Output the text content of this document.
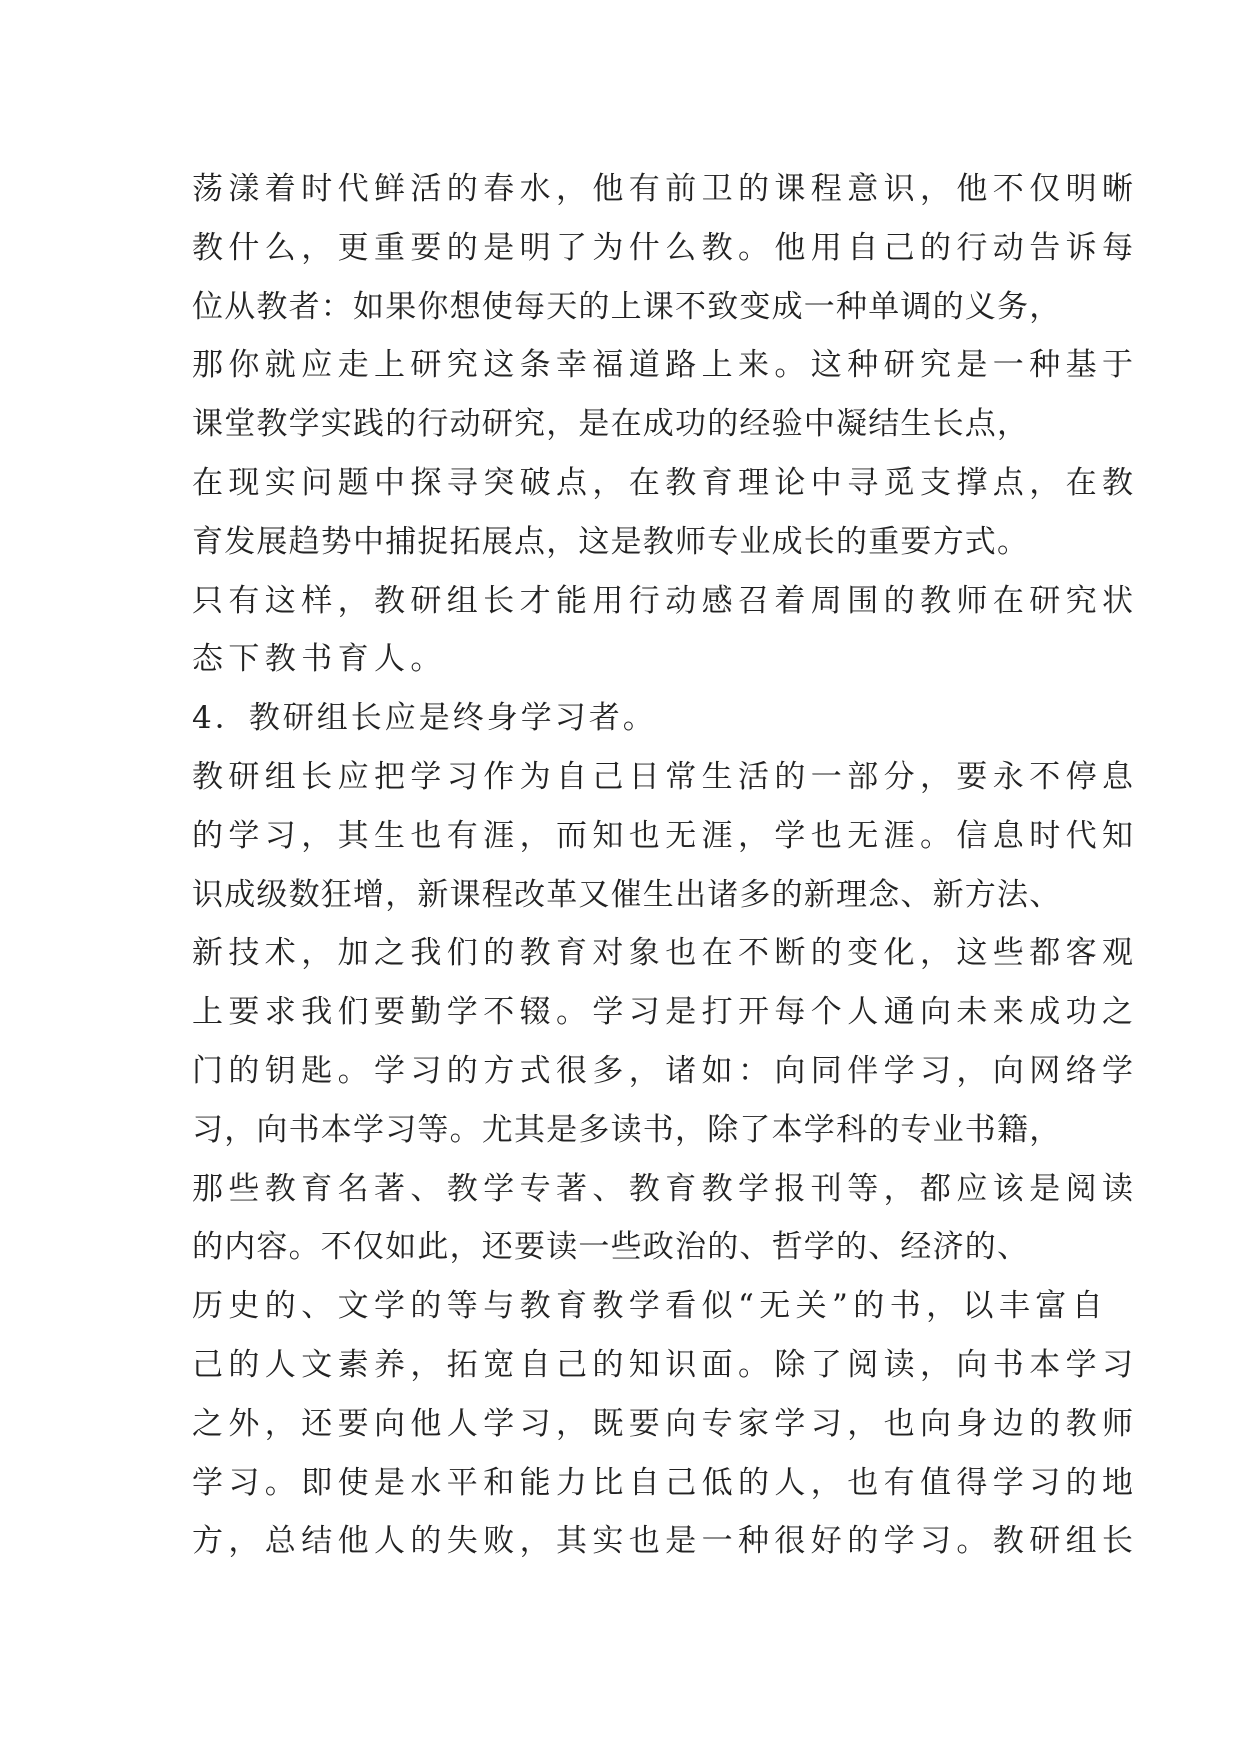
荡漾着时代鲜活的春水，他有前卫的课程意识，他不仅明晰
教什么，更重要的是明了为什么教。他用自己的行动告诉每
位从教者：如果你想使每天的上课不致变成一种单调的义务，
那你就应走上研究这条幸福道路上来。这种研究是一种基于
课堂教学实践的行动研究，是在成功的经验中凝结生长点，
在现实问题中探寻突破点，在教育理论中寻觅支撑点，在教
育发展趋势中捕捉拓展点，这是教师专业成长的重要方式。
只有这样，教研组长才能用行动感召着周围的教师在研究状
态下教书育人。
4．教研组长应是终身学习者。
教研组长应把学习作为自己日常生活的一部分，要永不停息
的学习，其生也有涯，而知也无涯，学也无涯。信息时代知
识成级数狂增，新课程改革又催生出诸多的新理念、新方法、
新技术，加之我们的教育对象也在不断的变化，这些都客观
上要求我们要勤学不辍。学习是打开每个人通向未来成功之
门的钥匙。学习的方式很多，诸如：向同伴学习，向网络学
习，向书本学习等。尤其是多读书，除了本学科的专业书籍，
那些教育名著、教学专著、教育教学报刊等，都应该是阅读
的内容。不仅如此，还要读一些政治的、哲学的、经济的、
历史的、文学的等与教育教学看似“无关”的书，以丰富自
己的人文素养，拓宽自己的知识面。除了阅读，向书本学习
之外，还要向他人学习，既要向专家学习，也向身边的教师
学习。即使是水平和能力比自己低的人，也有值得学习的地
方，总结他人的失败，其实也是一种很好的学习。教研组长
